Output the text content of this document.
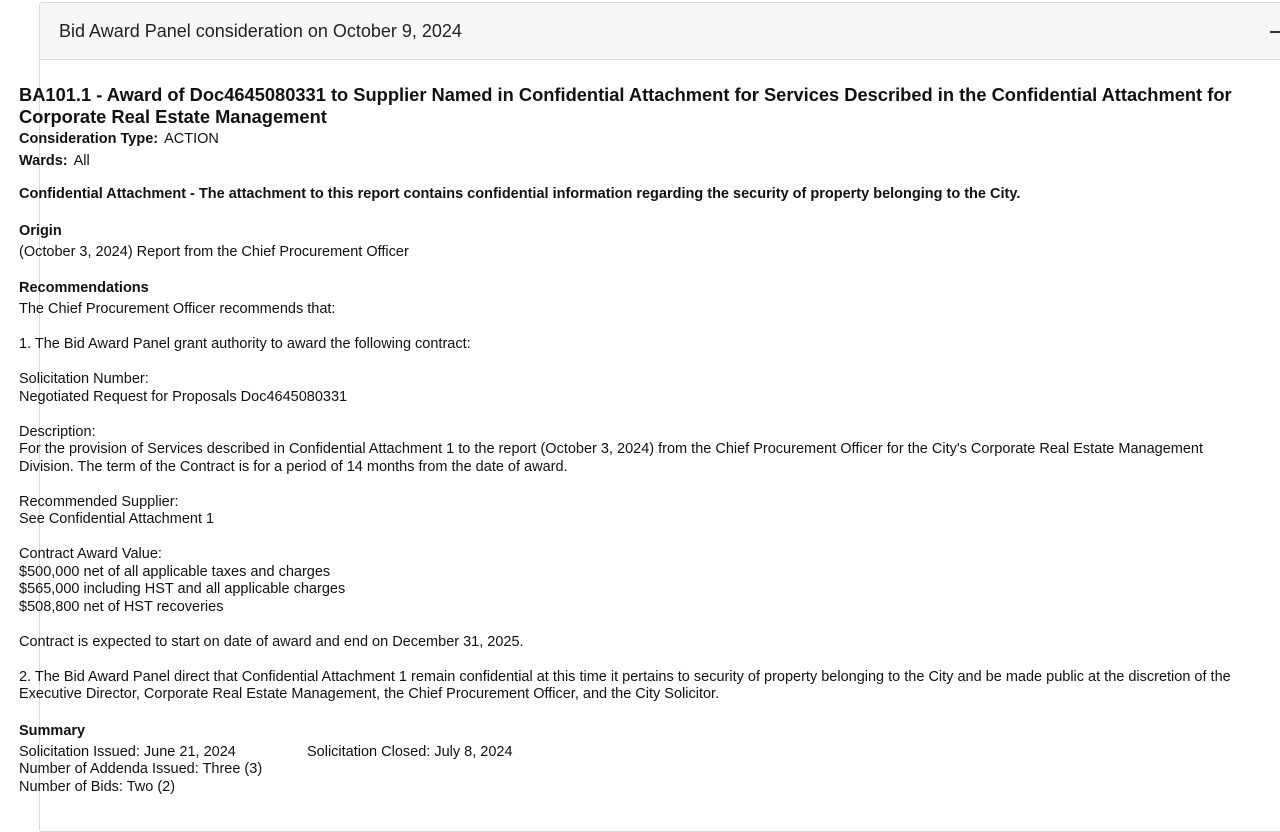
Bid Award Panel consideration on October 9, 2024
BA101.1 - Award of Doc4645080331 to Supplier Named in Confidential Attachment for Services Described in the Confidential Attachment for Corporate Real Estate Management
Consideration Type: ACTION
Wards: All
Confidential Attachment - The attachment to this report contains confidential information regarding the security of property belonging to the City.
Origin
(October 3, 2024) Report from the Chief Procurement Officer
Recommendations
The Chief Procurement Officer recommends that:
1. The Bid Award Panel grant authority to award the following contract:
Solicitation Number:
Negotiated Request for Proposals Doc4645080331
Description:
For the provision of Services described in Confidential Attachment 1 to the report (October 3, 2024) from the Chief Procurement Officer for the City's Corporate Real Estate Management Division. The term of the Contract is for a period of 14 months from the date of award.
Recommended Supplier:
See Confidential Attachment 1
Contract Award Value:
$500,000 net of all applicable taxes and charges
$565,000 including HST and all applicable charges
$508,800 net of HST recoveries
Contract is expected to start on date of award and end on December 31, 2025.
2. The Bid Award Panel direct that Confidential Attachment 1 remain confidential at this time it pertains to security of property belonging to the City and be made public at the discretion of the Executive Director, Corporate Real Estate Management, the Chief Procurement Officer, and the City Solicitor.
Summary
Solicitation Issued: June 21, 2024	Solicitation Closed: July 8, 2024
Number of Addenda Issued: Three (3)
Number of Bids: Two (2)
